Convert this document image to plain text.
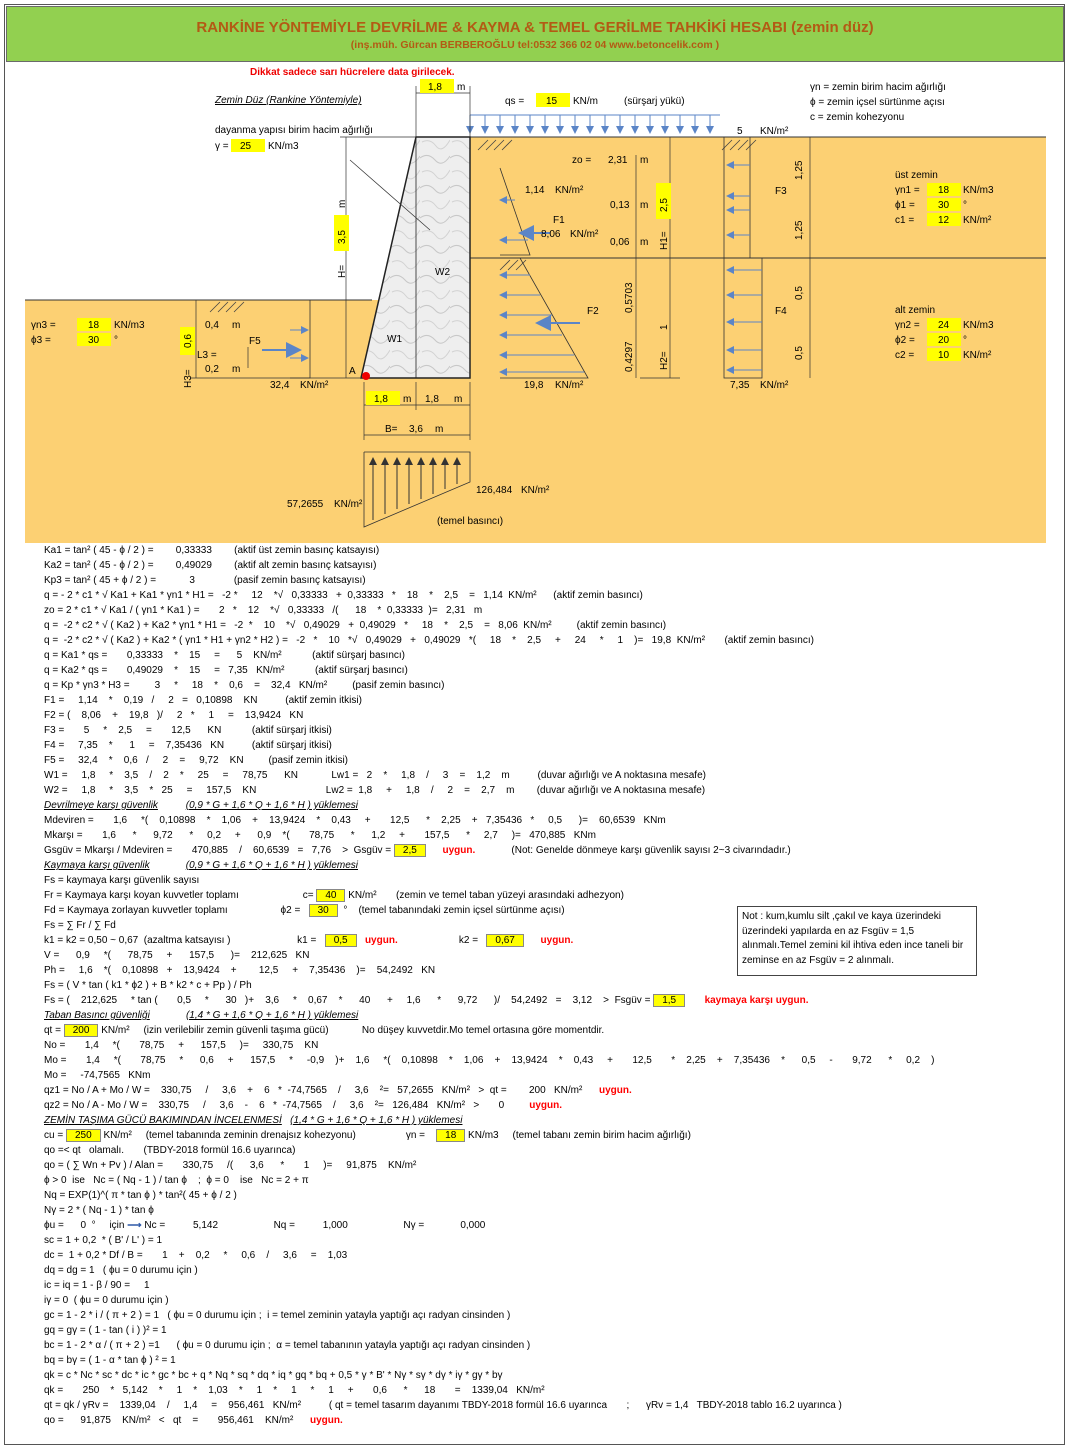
RANKİNE YÖNTEMİYLE DEVRİLME & KAYMA & TEMEL GERİLME TAHKİKİ HESABI (zemin düz)
(inş.müh. Gürcan BERBEROĞLU tel:0532 366 02 04 www.betoncelik.com )
Dikkat sadece sarı hücrelere data girilecek.
Zemin Düz (Rankine Yöntemiyle)
1,8 m
qs = 15 KN/m	(sürşarj yükü)
γn = zemin birim hacim ağırlığı
ϕ = zemin içsel sürtünme açısı
c = zemin kohezyonu
dayanma yapısı birim hacim ağırlığı
γ = 25 KN/m3
5 KN/m²
zo = 2,31 m
1,14 KN/m²
0,13 m
F1
8,06 KN/m²
0,06 m
2,5
H1=
3,5
H=
m
W1
W2
F2
F3
F4
F5
1,25
1,25
0,5
0,5
0,5703
0,4297
1
H2=
üst zemin
γn1 = 18 KN/m3
ϕ1 = 30 °
c1 = 12 KN/m²
alt zemin
γn2 = 24 KN/m3
ϕ2 = 20 °
c2 = 10 KN/m²
γn3 =	18 KN/m3
ϕ3 =	30 °	0,6
H3=
0,4 m
L3 =
0,2 m
32,4 KN/m²
A
19,8 KN/m²	7,35 KN/m²
1,8 m 1,8 m
B= 3,6 m
57,2655 KN/m²
126,484 KN/m²
(temel basıncı)
Ka1 = tan² ( 45 - ϕ / 2 ) =        0,33333        (aktif üst zemin basınç katsayısı)
Ka2 = tan² ( 45 - ϕ / 2 ) =        0,49029        (aktif alt zemin basınç katsayısı)
Kp3 = tan² ( 45 + ϕ / 2 ) =            3              (pasif zemin basınç katsayısı)
q = - 2 * c1 * √ Ka1 + Ka1 * γn1 * H1 =   -2 *     12    *√   0,33333   +  0,33333   *    18    *    2,5    =   1,14  KN/m²      (aktif zemin basıncı)
zo = 2 * c1 * √ Ka1 / ( γn1 * Ka1 ) =       2   *    12    *√   0,33333   /(      18    *  0,33333  )=   2,31   m
q =  -2 * c2 * √ ( Ka2 ) + Ka2 * γn1 * H1 =   -2  *    10    *√   0,49029   +  0,49029   *     18    *    2,5    =   8,06  KN/m²         (aktif zemin basıncı)
q =  -2 * c2 * √ ( Ka2 ) + Ka2 * ( γn1 * H1 + γn2 * H2 ) =   -2   *    10   *√   0,49029   +   0,49029   *(     18    *    2,5     +     24     *     1    )=   19,8  KN/m²       (aktif zemin basıncı)
q = Ka1 * qs =       0,33333    *    15     =      5    KN/m²           (aktif sürşarj basıncı)
q = Ka2 * qs =       0,49029    *    15     =   7,35   KN/m²           (aktif sürşarj basıncı)
q = Kp * γn3 * H3 =         3     *     18    *    0,6    =    32,4   KN/m²         (pasif zemin basıncı)
F1 =     1,14    *    0,19   /     2   =   0,10898    KN          (aktif zemin itkisi)
F2 = (    8,06    +    19,8   )/     2   *     1     =    13,9424   KN
F3 =       5     *    2,5     =       12,5      KN           (aktif sürşarj itkisi)
F4 =     7,35    *      1     =    7,35436   KN          (aktif sürşarj itkisi)
F5 =     32,4    *    0,6   /     2    =     9,72    KN         (pasif zemin itkisi)
W1 =     1,8     *    3,5    /    2    *     25     =     78,75      KN            Lw1 =   2    *     1,8    /     3    =    1,2    m          (duvar ağırlığı ve A noktasına mesafe)
W2 =     1,8     *    3,5    *   25     =     157,5    KN                         Lw2 =  1,8     +     1,8    /     2    =    2,7    m        (duvar ağırlığı ve A noktasına mesafe)
Devrilmeye karşı güvenlik	(0,9 * G + 1,6 * Q + 1,6 * H ) yüklemesi
Mdeviren =       1,6     *(    0,10898    *    1,06    +    13,9424    *    0,43     +       12,5      *    2,25    +   7,35436   *     0,5      )=    60,6539   KNm
Mkarşı =       1,6      *      9,72      *     0,2     +      0,9    *(       78,75      *      1,2     +       157,5      *     2,7     )=   470,885   KNm
Gsgüv = Mkarşı / Mdeviren =       470,885    /    60,6539   =   7,76    >  Gsgüv = 2,5	uygun.	(Not: Genelde dönmeye karşı güvenlik sayısı 2~3 civarındadır.)
Kaymaya karşı güvenlik	(0,9 * G + 1,6 * Q + 1,6 * H ) yüklemesi
Fs = kaymaya karşı güvenlik sayısı
Fr = Kaymaya karşı koyan kuvvetler toplamı	c= 40 KN/m² (zemin ve temel taban yüzeyi arasındaki adhezyon)
Fd = Kaymaya zorlayan kuvvetler toplamı	ϕ2 = 30 ° (temel tabanındaki zemin içsel sürtünme açısı)
Fs = ∑ Fr / ∑ Fd
k1 = k2 = 0,50 ~ 0,67  (azaltma katsayısı )	k1 = 0,5 uygun.	k2 = 0,67	uygun.
V =      0,9     *(      78,75     +      157,5      )=    212,625   KN
Ph =     1,6    *(    0,10898   +    13,9424    +        12,5     +    7,35436    )=    54,2492   KN
Fs = ( V * tan ( k1 * ϕ2 ) + B * k2 * c + Pp ) / Ph
Fs = (    212,625     * tan (       0,5     *      30   )+    3,6     *    0,67    *      40      +     1,6      *      9,72      )/    54,2492   =    3,12    >  Fsgüv = 1,5	kaymaya karşı uygun.
Taban Basıncı güvenliği	(1,4 * G + 1,6 * Q + 1,6 * H ) yüklemesi
qt = 200 KN/m² (izin verilebilir zemin güvenli taşıma gücü)            No düşey kuvvetdir.Mo temel ortasına göre momentdir.
No =       1,4     *(       78,75     +      157,5     )=     330,75    KN
Mo =       1,4     *(       78,75     *      0,6     +      157,5     *     -0,9    )+    1,6     *(    0,10898    *    1,06    +    13,9424    *    0,43     +       12,5       *    2,25    +    7,35436    *      0,5     -       9,72      *     0,2    )
Mo =     -74,7565   KNm
qz1 = No / A + Mo / W =    330,75     /     3,6    +    6   *  -74,7565    /     3,6    ²=   57,2655   KN/m²   >  qt =        200   KN/m² uygun.
qz2 = No / A - Mo / W =    330,75     /     3,6    -    6   *  -74,7565    /     3,6    ²=   126,484   KN/m²   >       0	uygun.
ZEMİN TAŞIMA GÜCÜ BAKIMINDAN İNCELENMESİ (1,4 * G + 1,6 * Q + 1,6 * H ) yüklemesi
cu = 250 KN/m² (temel tabanında zeminin drenajsız kohezyonu)	γn = 18 KN/m3 (temel tabanı zemin birim hacim ağırlığı)
qo =< qt   olamalı.       (TBDY-2018 formül 16.6 uyarınca)
qo = ( ∑ Wn + Pv ) / Alan =       330,75     /(      3,6      *       1     )=     91,875    KN/m²
ϕ > 0  ise   Nc = ( Nq - 1 ) / tan ϕ    ;  ϕ = 0    ise   Nc = 2 + π
Nq = EXP(1)^( π * tan ϕ ) * tan²( 45 + ϕ / 2 )
Nγ = 2 * ( Nq - 1 ) * tan ϕ
ϕu =      0  °     için ⟶ Nc =          5,142                    Nq =          1,000                    Nγ =             0,000
sc = 1 + 0,2  * ( B' / L' ) = 1
dc =  1 + 0,2 * Df / B =       1    +    0,2     *     0,6    /     3,6     =    1,03
dq = dg = 1   ( ϕu = 0 durumu için )
ic = iq = 1 - β / 90 =     1
iγ = 0  ( ϕu = 0 durumu için )
gc = 1 - 2 * i / ( π + 2 ) = 1   ( ϕu = 0 durumu için ;  i = temel zeminin yatayla yaptığı açı radyan cinsinden )
gq = gγ = ( 1 - tan ( i ) )² = 1
bc = 1 - 2 * α / ( π + 2 ) =1      ( ϕu = 0 durumu için ;  α = temel tabanının yatayla yaptığı açı radyan cinsinden )
bq = bγ = ( 1 - α * tan ϕ ) ² = 1
qk = c * Nc * sc * dc * ic * gc * bc + q * Nq * sq * dq * iq * gq * bq + 0,5 * γ * B' * Nγ * sγ * dγ * iγ * gγ * bγ
qk =       250    *   5,142    *     1    *    1,03    *     1    *     1     *     1     +       0,6      *      18       =    1339,04   KN/m²
qt = qk / γRv =    1339,04    /     1,4     =    956,461   KN/m²          ( qt = temel tasarım dayanımı TBDY-2018 formül 16.6 uyarınca       ;      γRv = 1,4   TBDY-2018 tablo 16.2 uyarınca )
qo =      91,875    KN/m²   <   qt    =       956,461    KN/m² uygun.
Not : kum,kumlu silt ,çakıl ve kaya üzerindeki üzerindeki yapılarda en az Fsgüv = 1,5 alınmalı.Temel zemini kil ihtiva eden ince taneli bir zeminse en az Fsgüv = 2 alınmalı.
